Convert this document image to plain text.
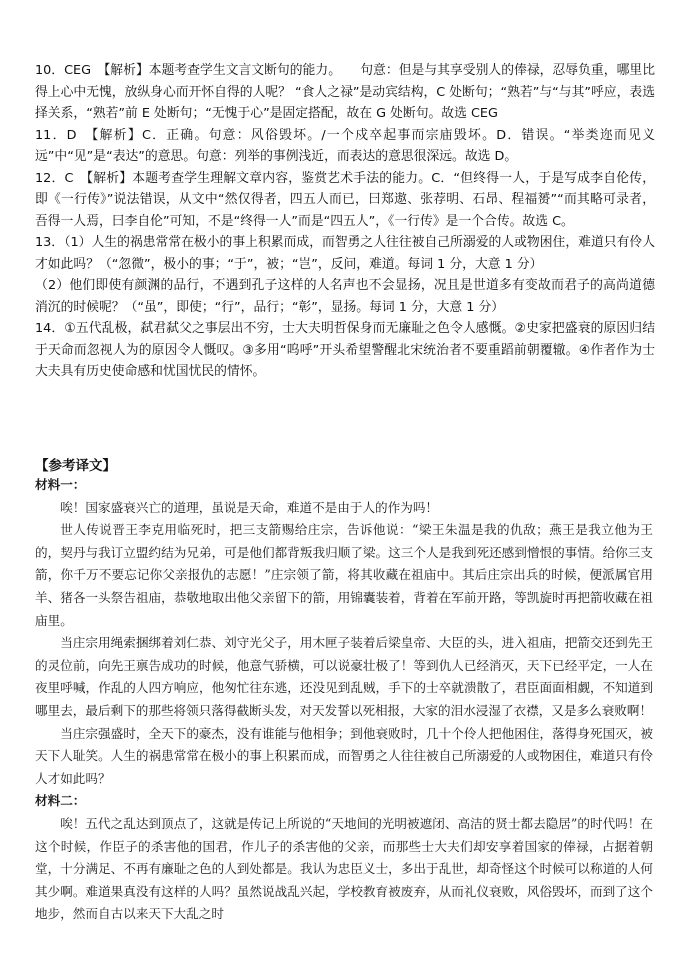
10．CEG　【解析】本题考查学生文言文断句的能力。　　句意：但是与其享受别人的俸禄，忍辱负重，哪里比得上心中无愧，放纵身心而开怀自得的人呢？ “食人之禄”是动宾结构，C 处断句；“熟若”与“与其”呼应，表选择关系，“熟若”前 E 处断句；“无愧于心”是固定搭配，故在 G 处断句。故选 CEG

11．D　【解析】C．正确。句意：风俗毁坏。/一个戍卒起事而宗庙毁坏。D．错误。“举类迩而见义远”中“见”是“表达”的意思。句意：列举的事例浅近，而表达的意思很深远。故选 D。

12．C　【解析】本题考查学生理解文章内容，鉴赏艺术手法的能力。C．“但终得一人，于是写成李自伦传，即《一行传》”说法错误，从文中“然仅得者，四五人而已，曰郑遨、张荐明、石昂、程福赟”“而其略可录者，吾得一人焉，曰李自伦”可知，不是“终得一人”而是“四五人”，《一行传》是一个合传。故选 C。

13．（1）人生的祸患常常在极小的事上积累而成，而智勇之人往往被自己所溺爱的人或物困住，难道只有伶人才如此吗？（“忽微”，极小的事；“于”，被；“岂”，反问，难道。每词 1 分，大意 1 分）

（2）他们即使有颜渊的品行，不遇到孔子这样的人名声也不会显扬，况且是世道多有变故而君子的高尚道德消沉的时候呢？（“虽”，即使；“行”，品行；“彰”，显扬。每词 1 分，大意 1 分）

14．①五代乱极，弑君弑父之事层出不穷，士大夫明哲保身而无廉耻之色令人感慨。②史家把盛衰的原因归结于天命而忽视人为的原因令人慨叹。③多用“呜呼”开头希望警醒北宋统治者不要重蹈前朝覆辙。④作者作为士大夫具有历史使命感和忧国忧民的情怀。

【参考译文】

材料一：

唉！国家盛衰兴亡的道理，虽说是天命，难道不是由于人的作为吗！

世人传说晋王李克用临死时，把三支箭赐给庄宗，告诉他说：“梁王朱温是我的仇敌；燕王是我立他为王的，契丹与我订立盟约结为兄弟，可是他们都背叛我归顺了梁。这三个人是我到死还感到憎恨的事情。给你三支箭，你千万不要忘记你父亲报仇的志愿！”庄宗领了箭，将其收藏在祖庙中。其后庄宗出兵的时候，便派属官用羊、猪各一头祭告祖庙，恭敬地取出他父亲留下的箭，用锦囊装着，背着在军前开路，等凯旋时再把箭收藏在祖庙里。

当庄宗用绳索捆绑着刘仁恭、刘守光父子，用木匣子装着后梁皇帝、大臣的头，进入祖庙，把箭交还到先王的灵位前，向先王禀告成功的时候，他意气骄横，可以说豪壮极了！等到仇人已经消灭，天下已经平定，一人在夜里呼喊，作乱的人四方响应，他匆忙往东逃，还没见到乱贼，手下的士卒就溃散了，君臣面面相觑，不知道到哪里去，最后剩下的那些将领只落得截断头发，对天发誓以死相报，大家的泪水浸湿了衣襟，又是多么衰败啊！

当庄宗强盛时，全天下的豪杰，没有谁能与他相争；到他衰败时，几十个伶人把他困住，落得身死国灭，被天下人耻笑。人生的祸患常常在极小的事上积累而成，而智勇之人往往被自己所溺爱的人或物困住，难道只有伶人才如此吗？

材料二：

唉！五代之乱达到顶点了，这就是传记上所说的“天地间的光明被遮闭、高洁的贤士都去隐居”的时代吗！在这个时候，作臣子的杀害他的国君，作儿子的杀害他的父亲，而那些士大夫们却安享着国家的俸禄，占据着朝堂，十分满足、不再有廉耻之色的人到处都是。我认为忠臣义士，多出于乱世，却奇怪这个时候可以称道的人何其少啊。难道果真没有这样的人吗？虽然说战乱兴起，学校教育被废弃，从而礼仪衰败，风俗毁坏，而到了这个地步，然而自古以来天下大乱之时
